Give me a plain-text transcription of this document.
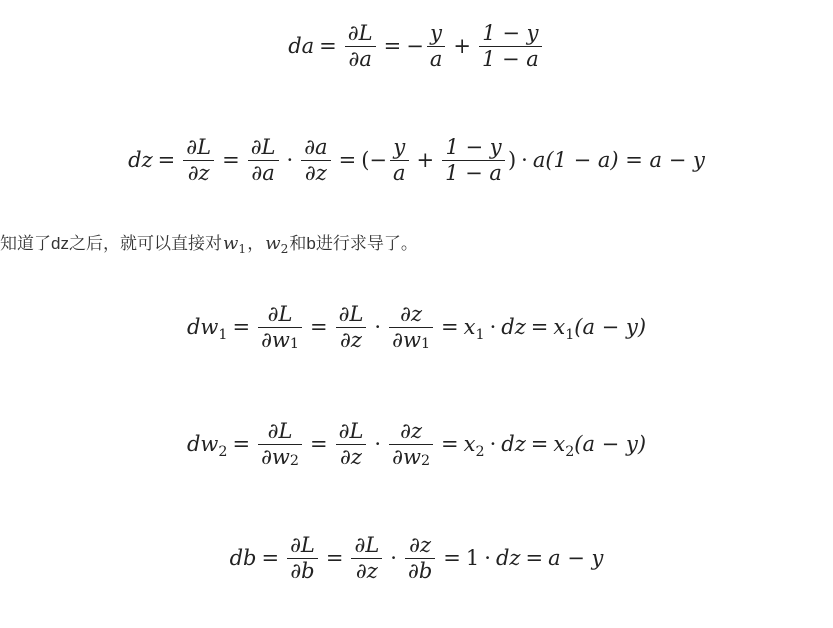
da = $\frac{\partial L}{\partial a}$ = − $\frac{y}{a} + \frac{1 - y}{1 - a}$
dz = $\frac{\partial L}{\partial z} = \frac{\partial L}{\partial a} \cdot \frac{\partial a}{\partial z}$ = (− $\frac{y}{a} + \frac{1 - y}{1 - a}$ ) · a(1 − a) = a − y
知道了dz之后，就可以直接对 $w_1$ ， $w_2$ 和b进行求导了。
$dw_1 = \frac{\partial L}{\partial w 1} = \frac{\partial L}{\partial z} \cdot \frac{\partial z}{\partial w 1} = x_1$ · dz = $x_1$ (a − y)
$dw_2 = \frac{\partial L}{\partial w 2} = \frac{\partial L}{\partial z} \cdot \frac{\partial z}{\partial w 2} = x_2$ · dz = $x_2$ (a − y)
db = $\frac{\partial L}{\partial b} = \frac{\partial L}{\partial z} \cdot \frac{\partial z}{\partial b} = 1$ · dz = a − y
